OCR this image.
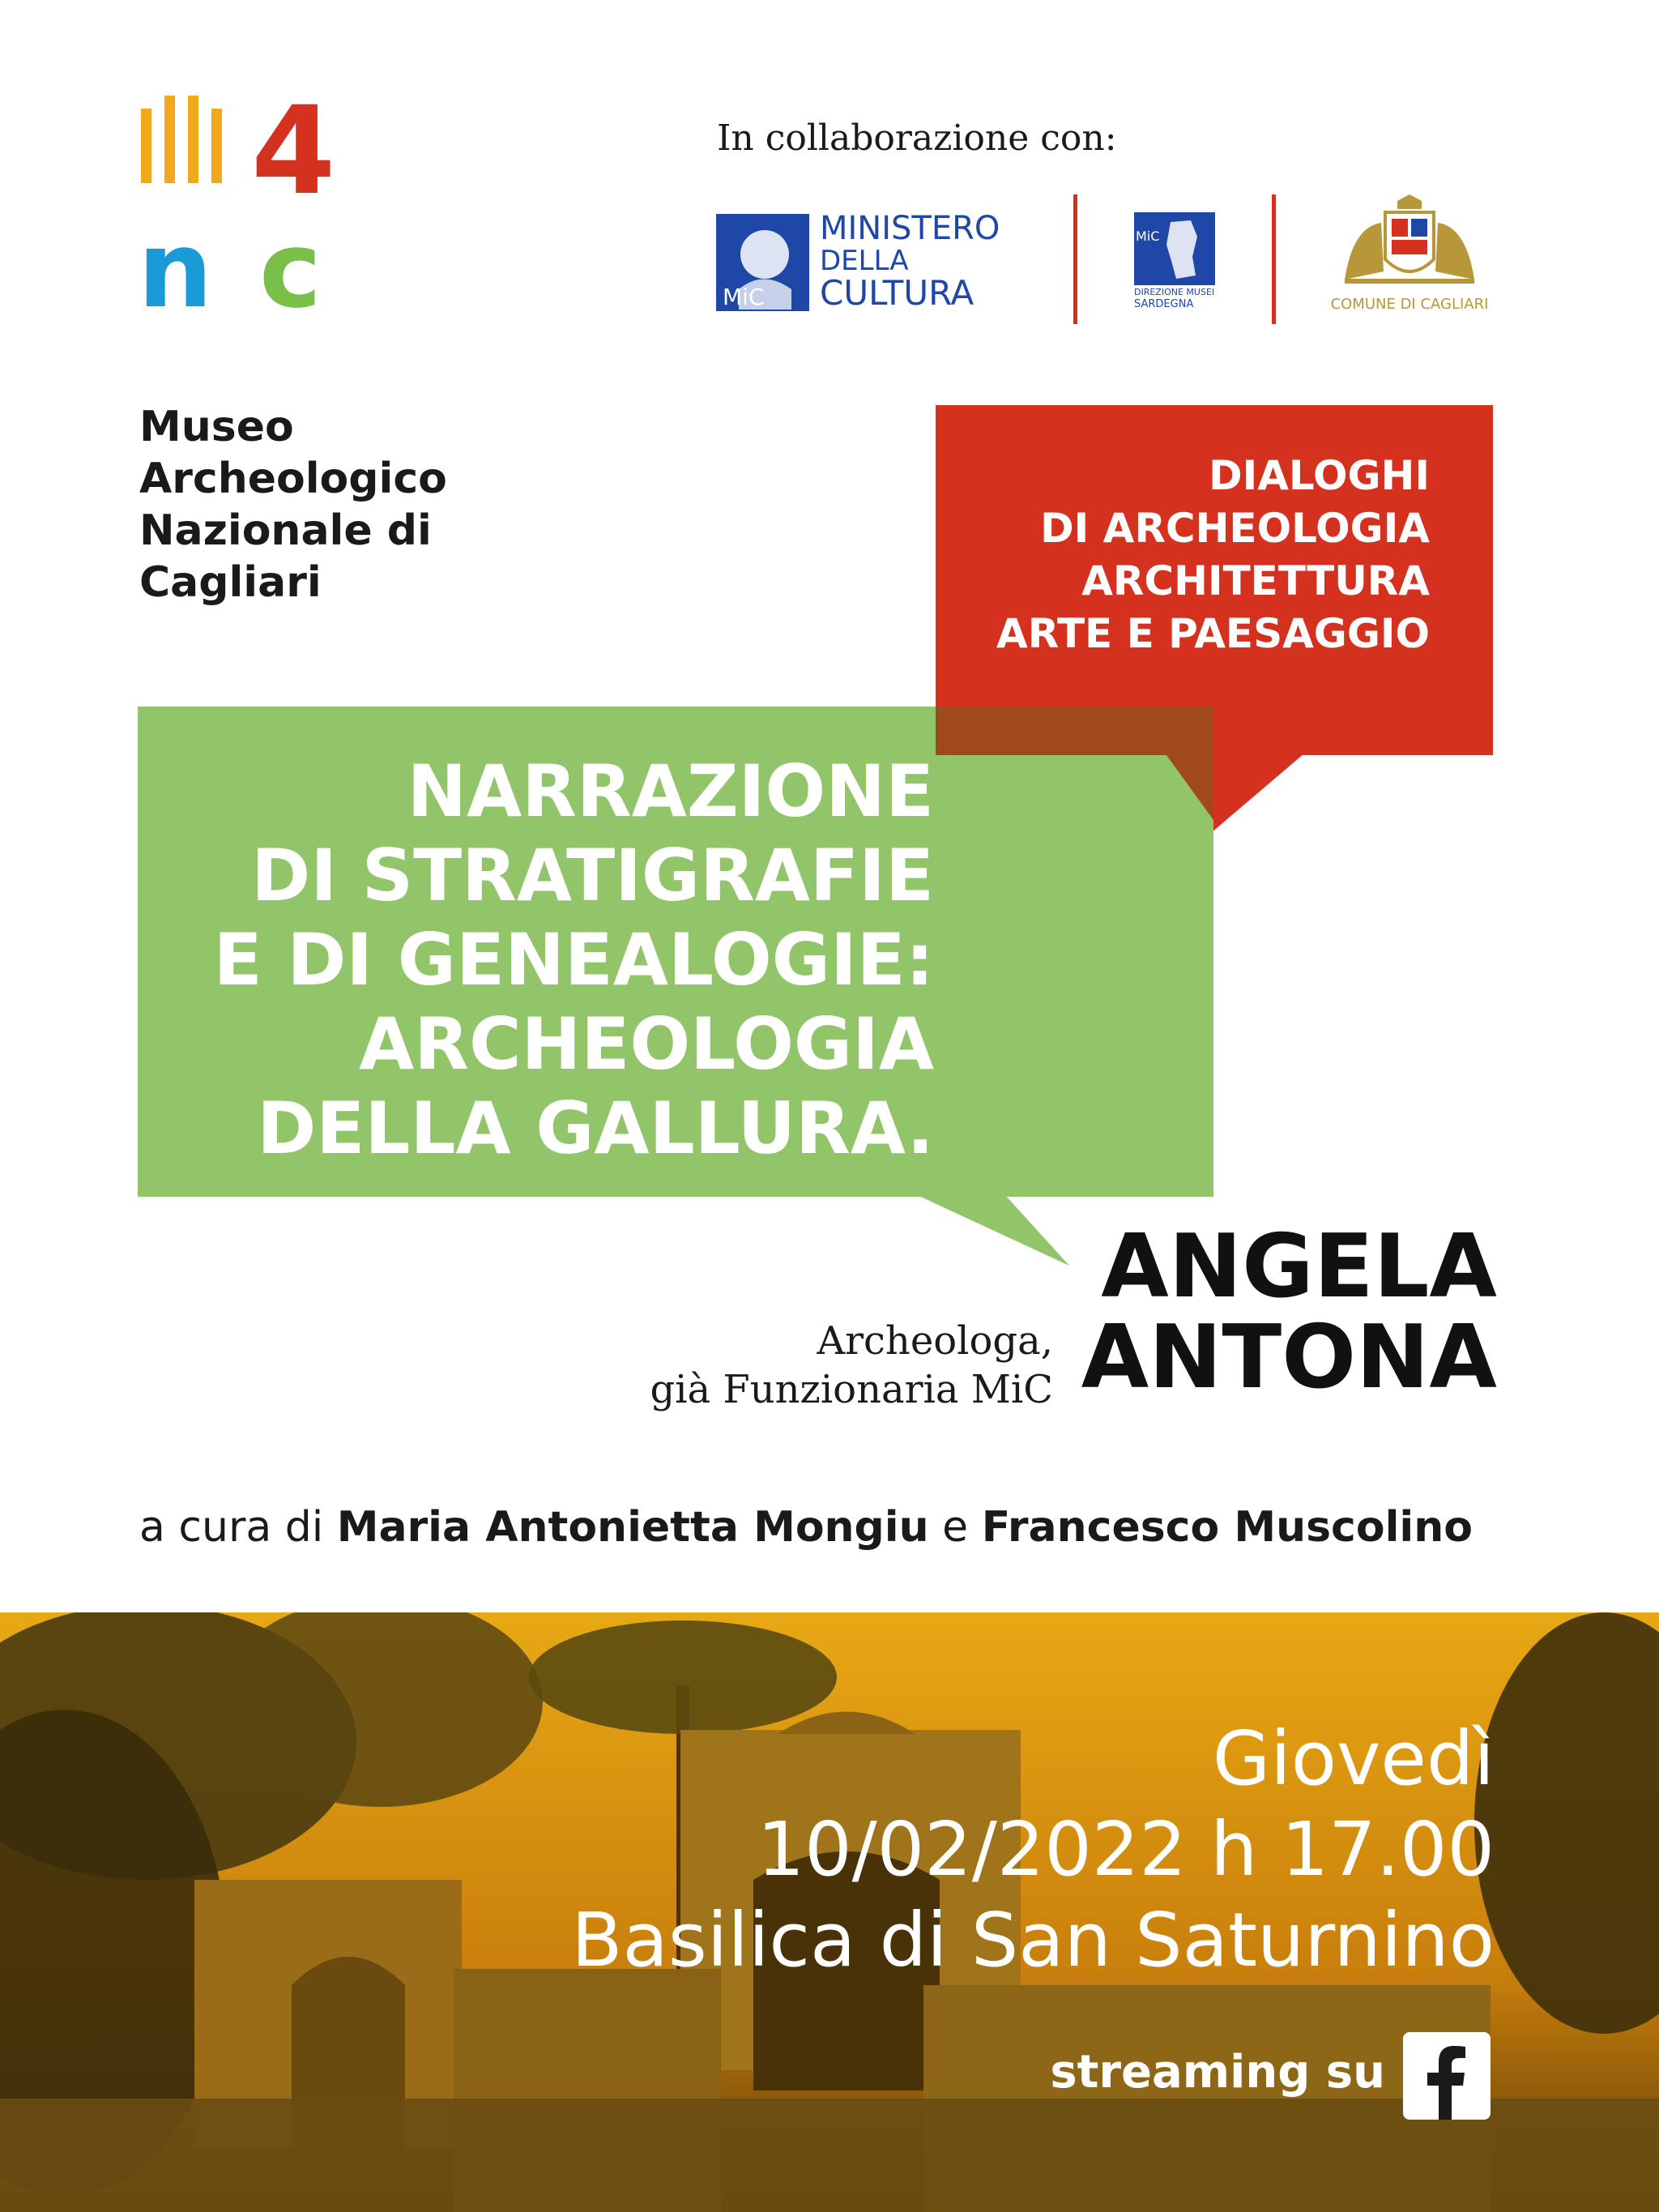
4
n c
Museo Archeologico Nazionale di Cagliari
In collaborazione con:
MiC
MINISTERO
DELLA
CULTURA
MiC
DIREZIONE MUSEI
SARDEGNA	COMUNE DI CAGLIARI
DIALOGHI
DI ARCHEOLOGIA
ARCHITETTURA
ARTE E PAESAGGIO
NARRAZIONE
DI STRATIGRAFIE
E DI GENEALOGIE:
ARCHEOLOGIA
DELLA GALLURA.
ANGELA
ANTONA
Archeologa,
già Funzionaria MiC
a cura di Maria Antonietta Mongiu e Francesco Muscolino
Giovedì
10/02/2022 h 17.00
Basilica di San Saturnino
streaming su
